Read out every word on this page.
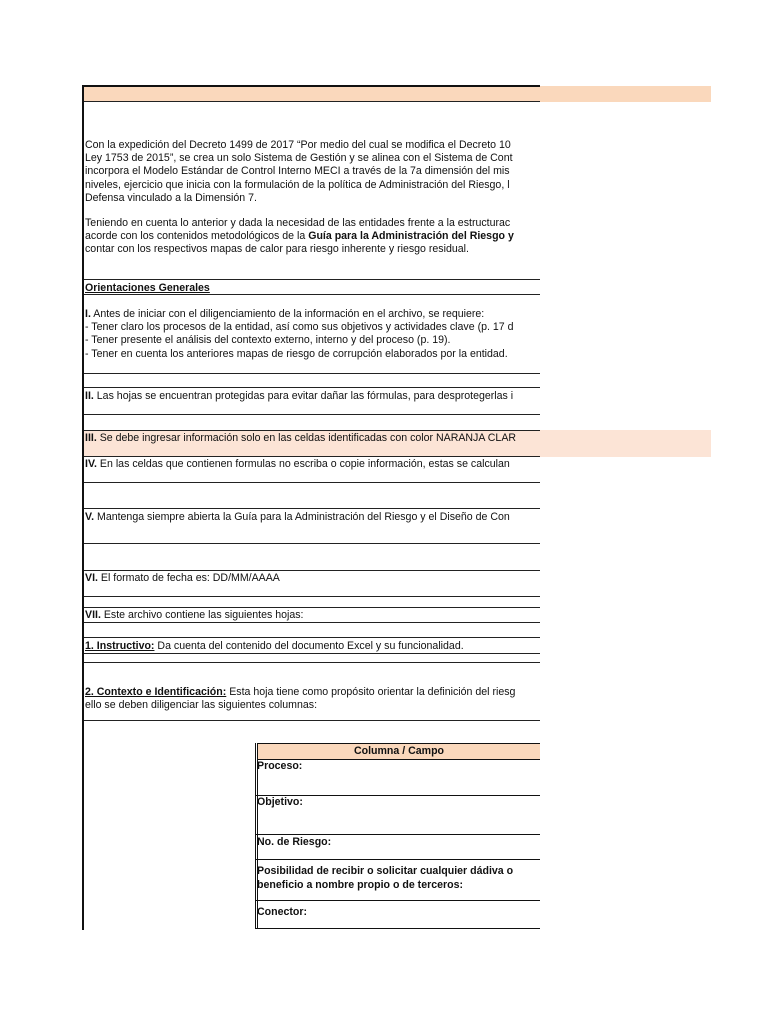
Con la expedición del Decreto 1499 de 2017 “Por medio del cual se modifica el Decreto 10
Ley 1753 de 2015”, se crea un solo Sistema de Gestión y se alinea con el Sistema de Cont
incorpora el Modelo Estándar de Control Interno MECI a través de la 7a dimensión del mis
niveles, ejercicio que inicia con la formulación de la política de Administración del Riesgo, l
Defensa vinculado a la Dimensión 7.
Teniendo en cuenta lo anterior y dada la necesidad de las entidades frente a la estructurac
acorde con los contenidos metodológicos de la Guía para la Administración del Riesgo y
contar con los respectivos mapas de calor para riesgo inherente y riesgo residual.
Orientaciones Generales
I. Antes de iniciar con el diligenciamiento de la información en el archivo, se requiere:
- Tener claro los procesos de la entidad, así como sus objetivos y actividades clave (p. 17 d
- Tener presente el análisis del contexto externo, interno y del proceso (p. 19).
- Tener en cuenta los anteriores mapas de riesgo de corrupción elaborados por la entidad.
II. Las hojas se encuentran protegidas para evitar dañar las fórmulas, para desprotegerlas i
III. Se debe ingresar información solo en las celdas identificadas con color NARANJA CLAR
IV. En las celdas que contienen formulas no escriba o copie información, estas se calculan
V. Mantenga siempre abierta la Guía para la Administración del Riesgo y el Diseño de Con
VI. El formato de fecha es: DD/MM/AAAA
VII. Este archivo contiene las siguientes hojas:
1. Instructivo: Da cuenta del contenido del documento Excel y su funcionalidad.
2. Contexto e Identificación: Esta hoja tiene como propósito orientar la definición del riesg
ello se deben diligenciar las siguientes columnas:
Columna / Campo
Proceso:
Objetivo:
No. de Riesgo:
Posibilidad de recibir o solicitar cualquier dádiva o
beneficio a nombre propio o de terceros:
Conector:
